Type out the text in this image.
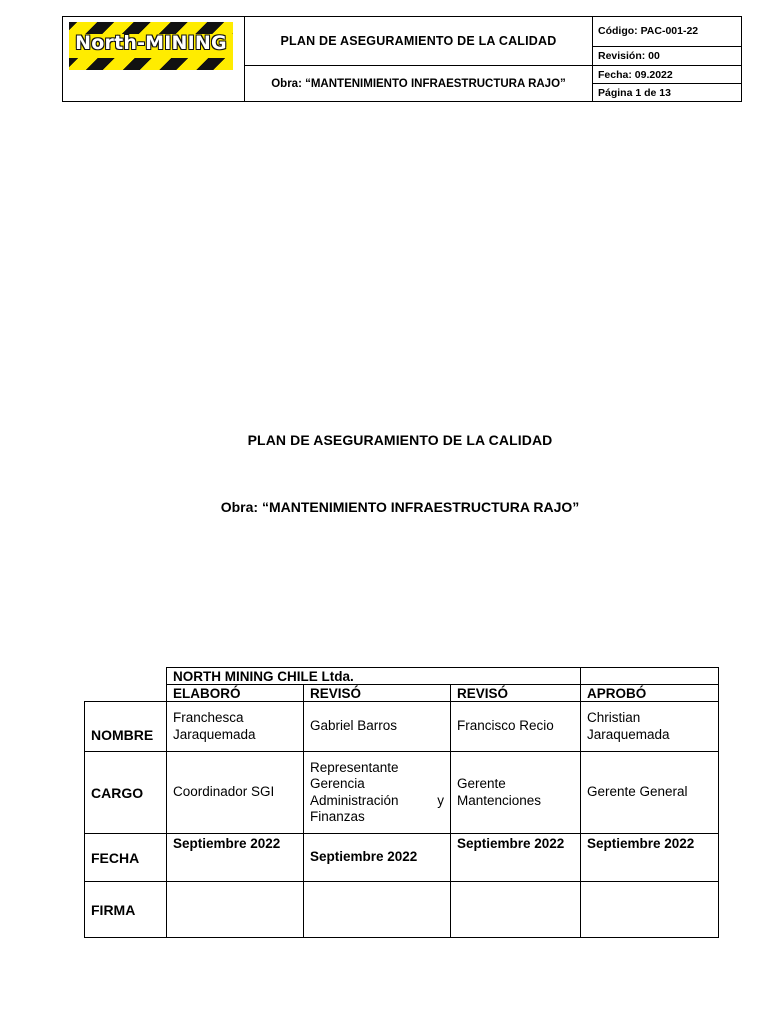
North-MINING	PLAN DE ASEGURAMIENTO DE LA CALIDAD	Código: PAC-001-22
		Revisión: 00
	Obra: “MANTENIMIENTO INFRAESTRUCTURA RAJO”	Fecha: 09.2022
		Página 1 de 13
PLAN DE ASEGURAMIENTO DE LA CALIDAD
Obra: “MANTENIMIENTO INFRAESTRUCTURA RAJO”
	NORTH MINING CHILE Ltda.			
	ELABORÓ	REVISÓ	REVISÓ	APROBÓ
NOMBRE	Franchesca Jaraquemada	Gabriel Barros	Francisco Recio	Christian Jaraquemada
CARGO	Coordinador SGI	Representante Gerencia Administración y Finanzas	Gerente Mantenciones	Gerente General
FECHA	Septiembre 2022	Septiembre 2022	Septiembre 2022	Septiembre 2022
FIRMA				
